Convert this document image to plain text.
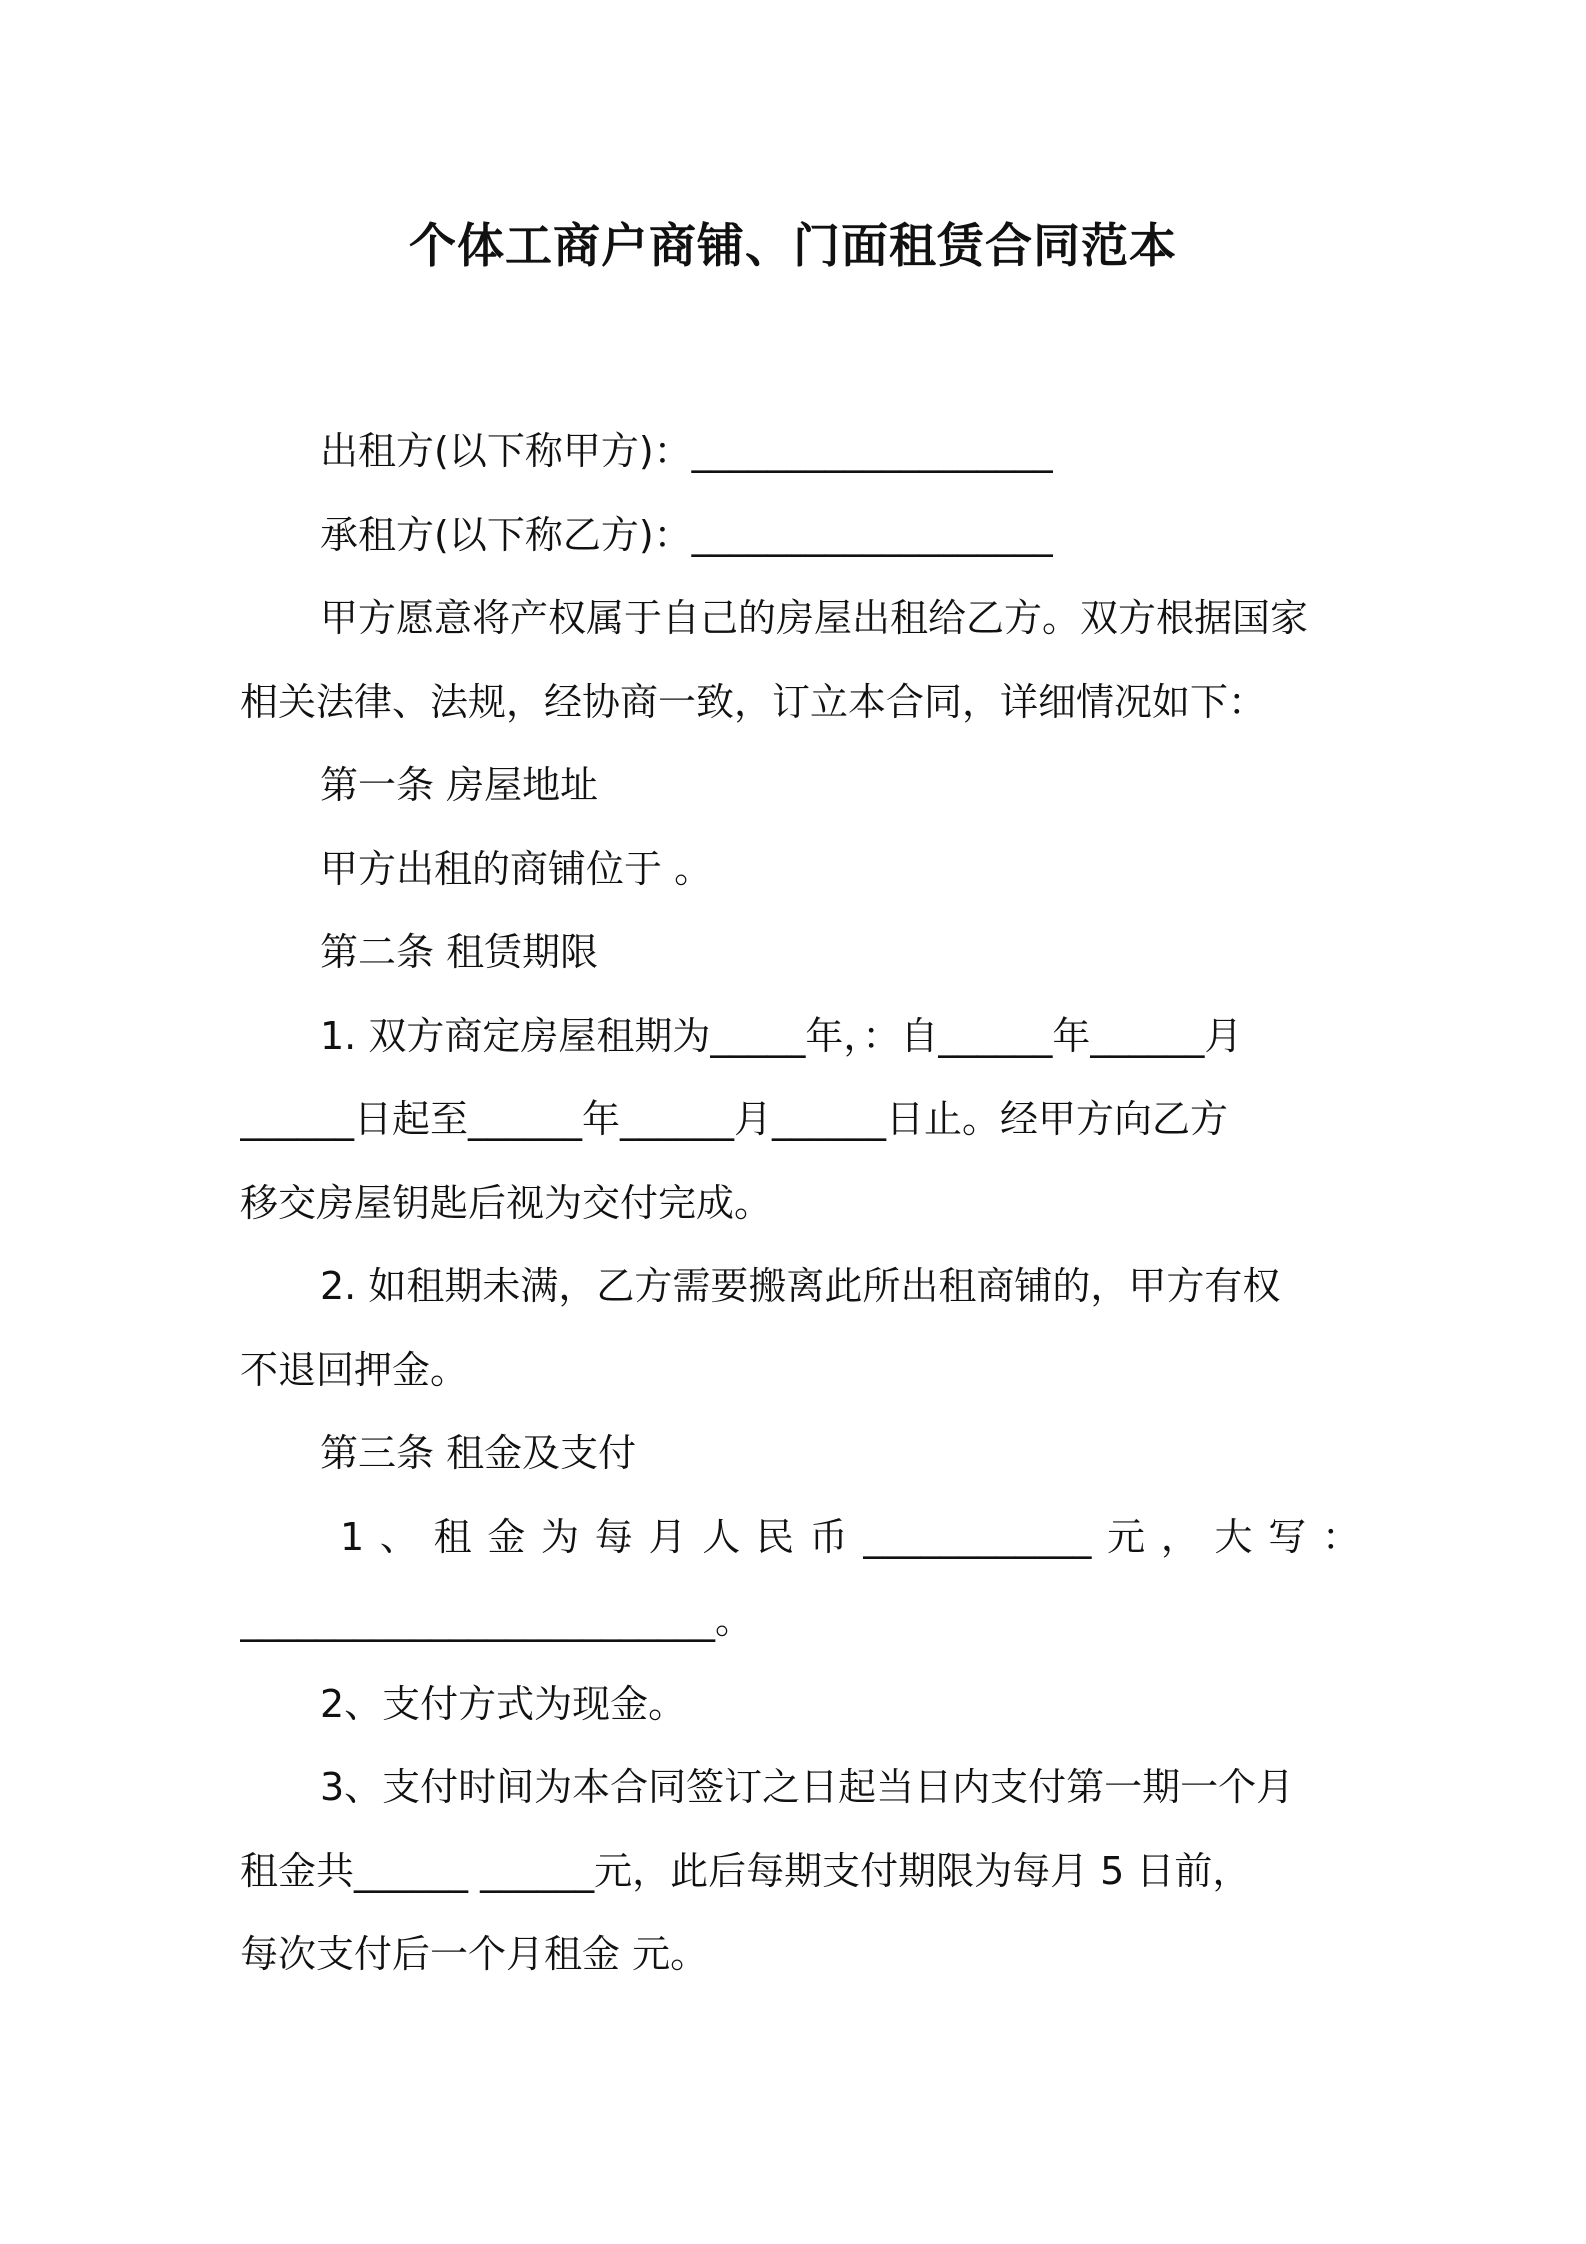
个体工商户商铺、门面租赁合同范本

出租方(以下称甲方)：___________________

承租方(以下称乙方)：___________________

甲方愿意将产权属于自己的房屋出租给乙方。双方根据国家

相关法律、法规，经协商一致，订立本合同，详细情况如下：

第一条 房屋地址

甲方出租的商铺位于 。

第二条 租赁期限

1. 双方商定房屋租期为_____年，：自______年______月

______日起至______年______月______日止。经甲方向乙方

移交房屋钥匙后视为交付完成。

2. 如租期未满，乙方需要搬离此所出租商铺的，甲方有权

不退回押金。

第三条 租金及支付

1、租金为每月人民币____________元，大写：

_________________________。

2、支付方式为现金。

3、支付时间为本合同签订之日起当日内支付第一期一个月

租金共______ ______元，此后每期支付期限为每月 5 日前，

每次支付后一个月租金 元。
